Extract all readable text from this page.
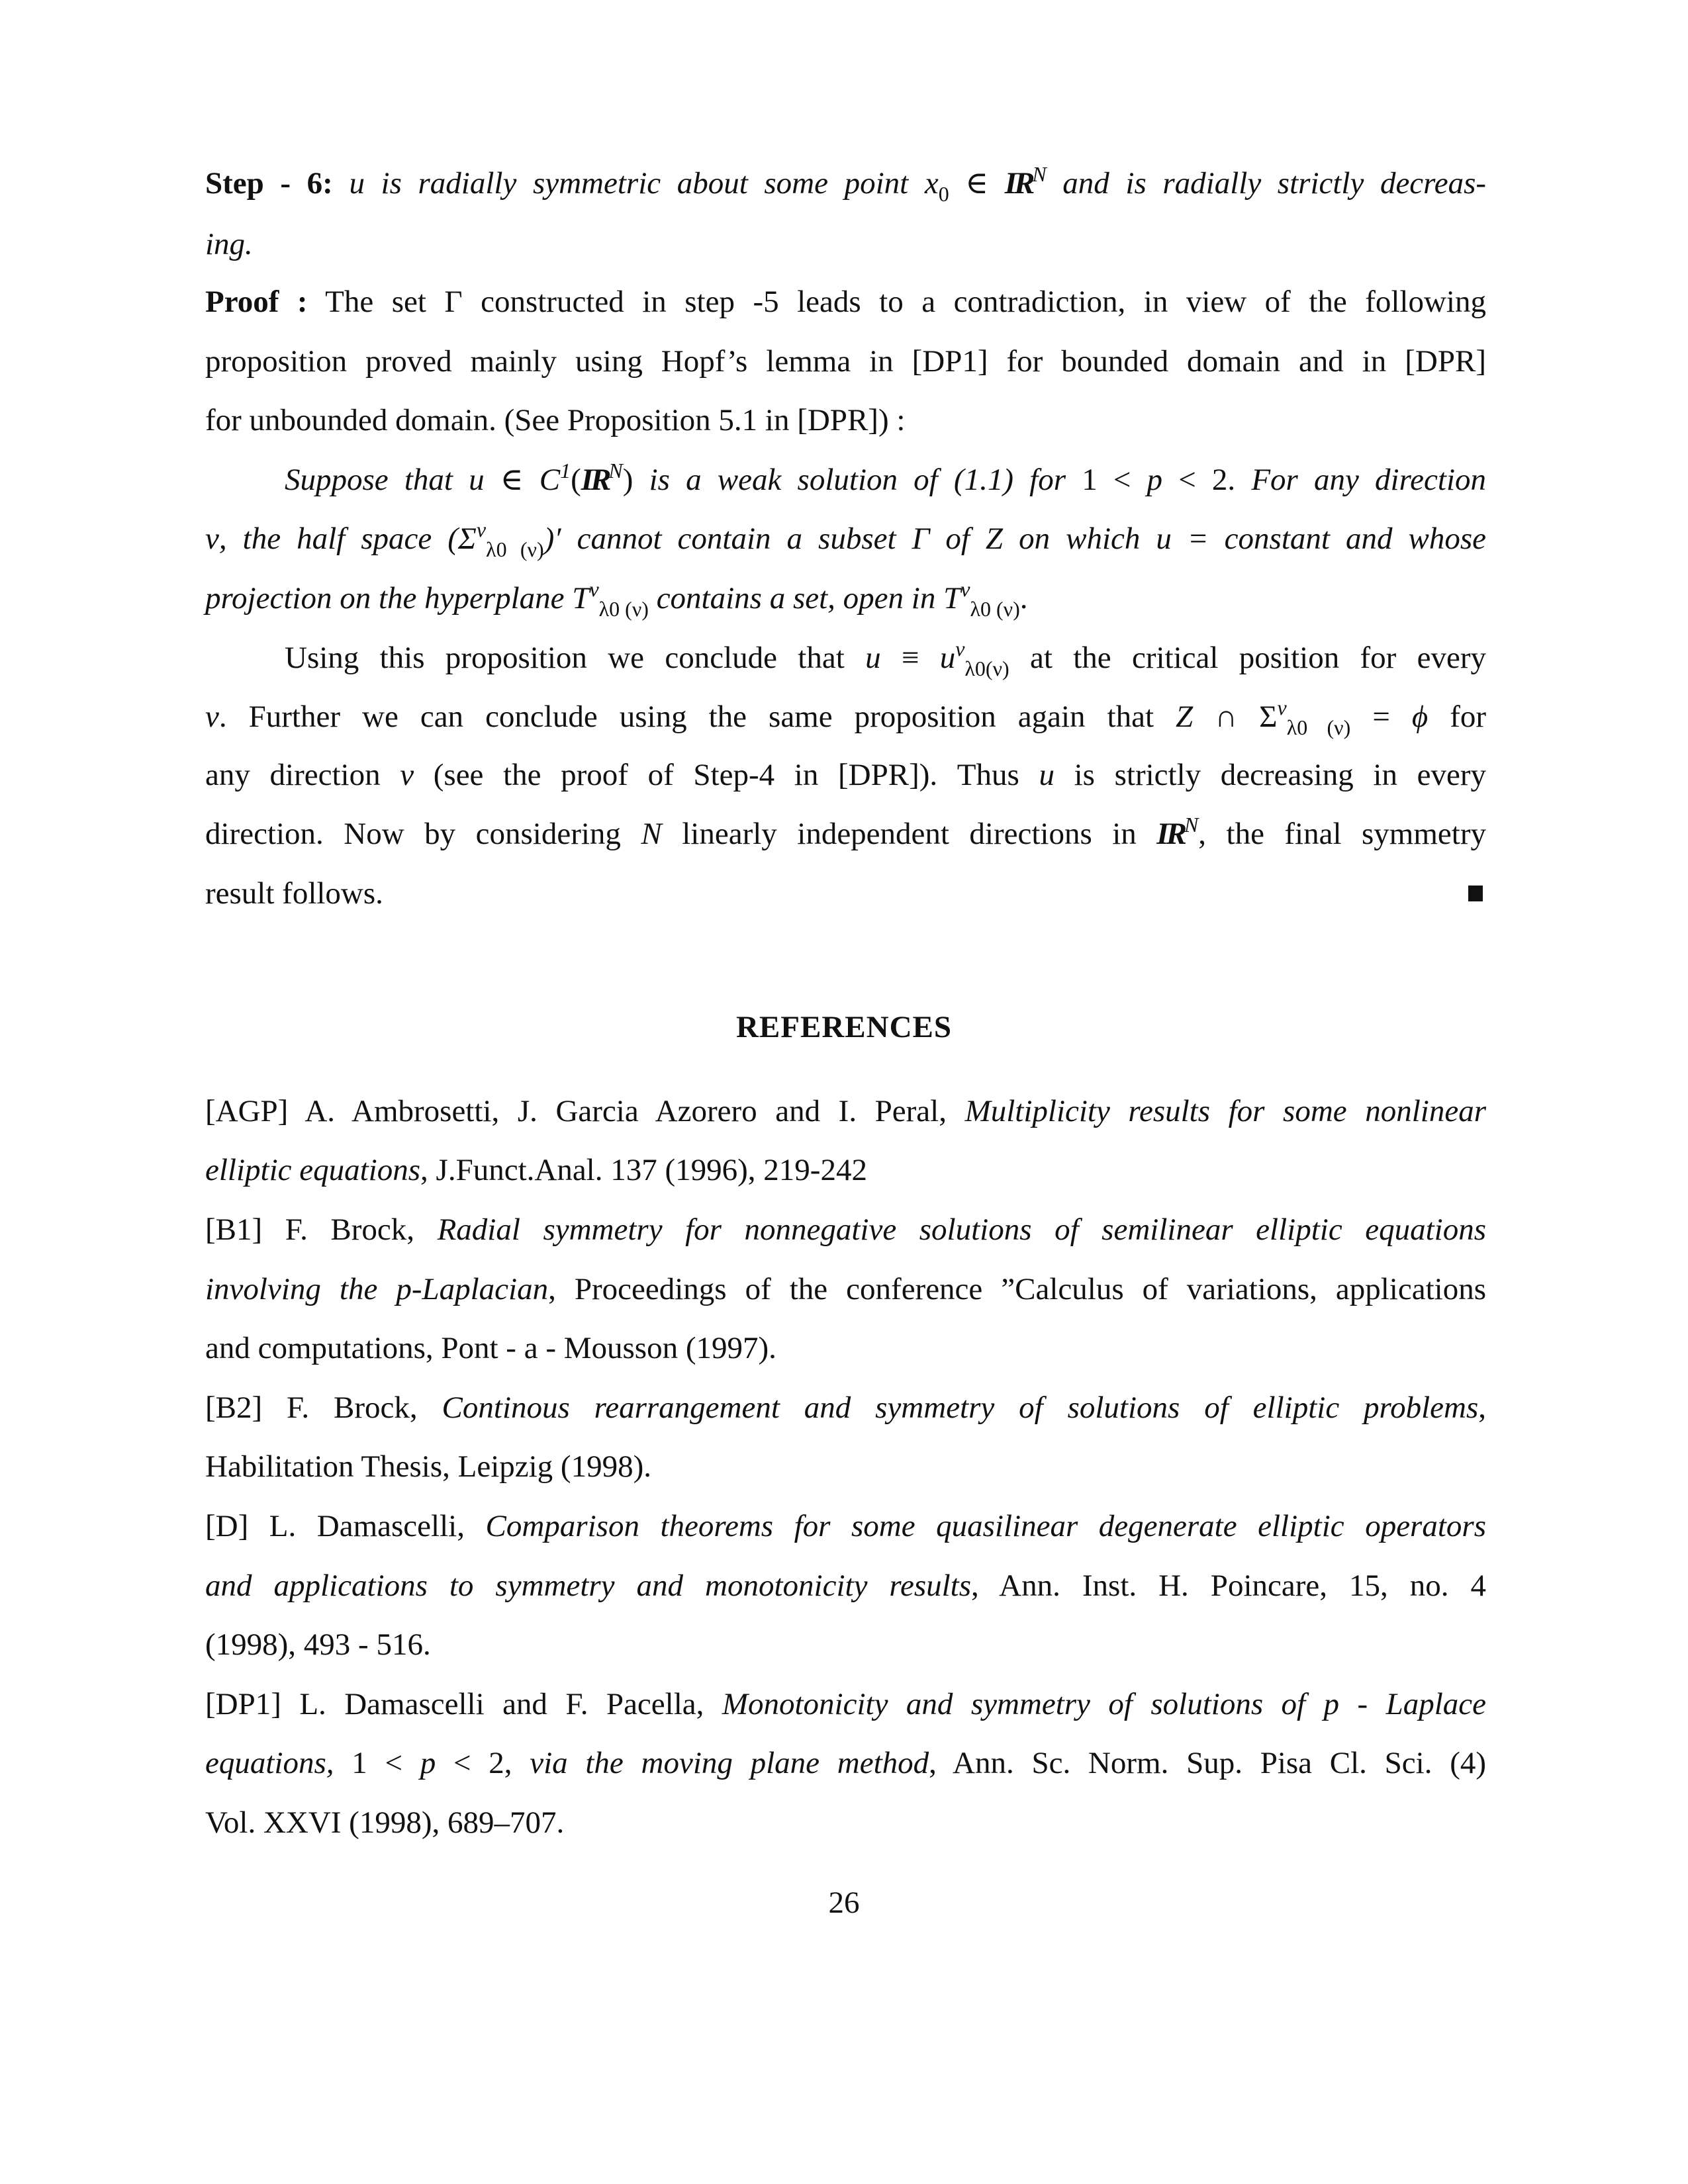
Step - 6: u is radially symmetric about some point $x_0$ ∈ $IR^N$ and is radially strictly decreas-
ing.
Proof : The set Γ constructed in step -5 leads to a contradiction, in view of the following
proposition proved mainly using Hopf’s lemma in [DP1] for bounded domain and in [DPR]
for unbounded domain. (See Proposition 5.1 in [DPR]) :
Suppose that u ∈ $C^1(IR^N)$ is a weak solution of (1.1) for 1 < p < 2. For any direction
ν, the half space $(\Sigma^\nu_{\lambda 0 (\nu)})'$ cannot contain a subset Γ of Z on which u = constant and whose
projection on the hyperplane $T^\nu_{\lambda 0 (\nu)}$ contains a set, open in $T^\nu_{\lambda 0 (\nu)}$.
Using this proposition we conclude that $u \equiv u^\nu_{\lambda 0(\nu)}$ at the critical position for every
ν. Further we can conclude using the same proposition again that Z ∩ $\Sigma^\nu_{\lambda 0 (\nu)} = \phi$ for
any direction ν (see the proof of Step-4 in [DPR]). Thus u is strictly decreasing in every
direction. Now by considering N linearly independent directions in $IR^N$, the final symmetry
result follows.
REFERENCES
[AGP] A. Ambrosetti, J. Garcia Azorero and I. Peral, Multiplicity results for some nonlinear
elliptic equations, J.Funct.Anal. 137 (1996), 219-242
[B1] F. Brock, Radial symmetry for nonnegative solutions of semilinear elliptic equations
involving the p-Laplacian, Proceedings of the conference ”Calculus of variations, applications
and computations, Pont - a - Mousson (1997).
[B2] F. Brock, Continous rearrangement and symmetry of solutions of elliptic problems,
Habilitation Thesis, Leipzig (1998).
[D] L. Damascelli, Comparison theorems for some quasilinear degenerate elliptic operators
and applications to symmetry and monotonicity results, Ann. Inst. H. Poincare, 15, no. 4
(1998), 493 - 516.
[DP1] L. Damascelli and F. Pacella, Monotonicity and symmetry of solutions of p - Laplace
equations, 1 < p < 2, via the moving plane method, Ann. Sc. Norm. Sup. Pisa Cl. Sci. (4)
Vol. XXVI (1998), 689–707.
26
